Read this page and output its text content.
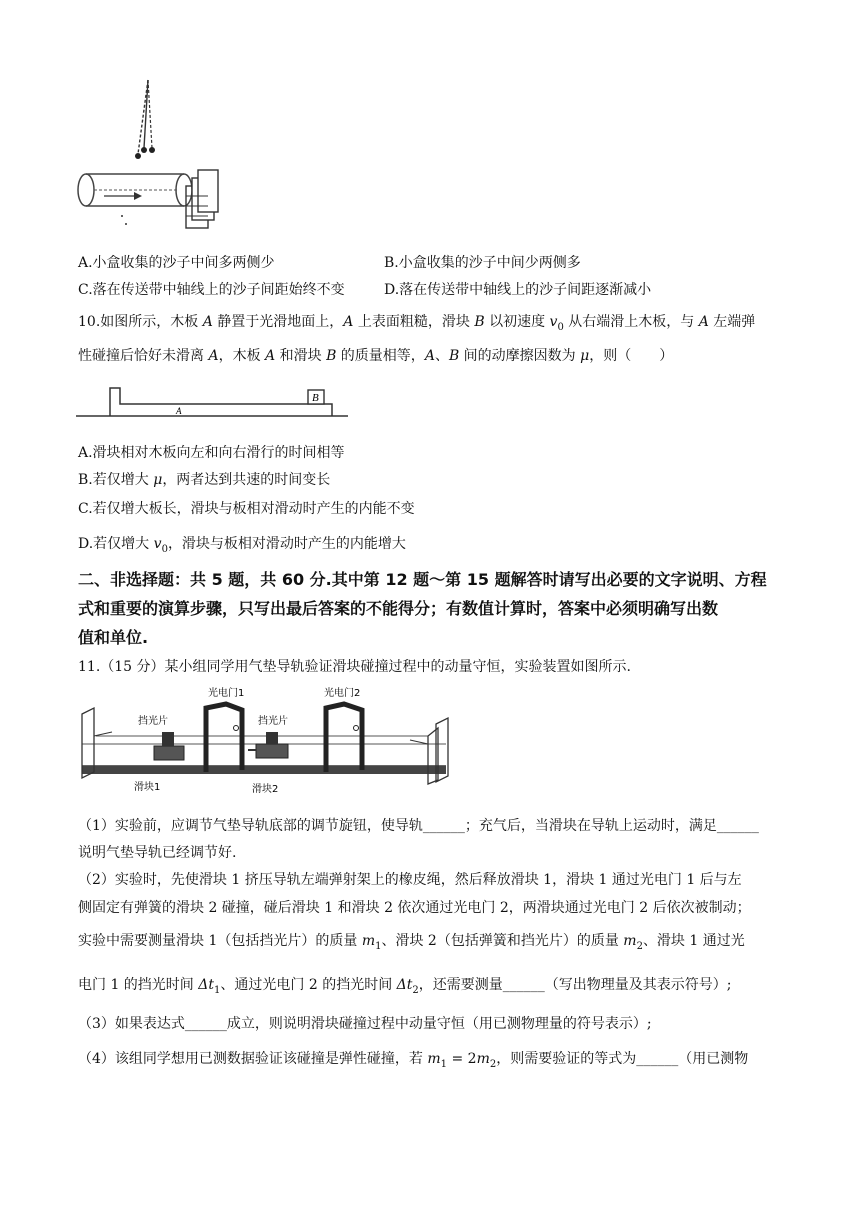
A.小盒收集的沙子中间多两侧少	B.小盒收集的沙子中间少两侧多
C.落在传送带中轴线上的沙子间距始终不变	D.落在传送带中轴线上的沙子间距逐渐减小
10.如图所示，木板 A 静置于光滑地面上，A 上表面粗糙，滑块 B 以初速度 $v_0$ 从右端滑上木板，与 A 左端弹
性碰撞后恰好未滑离 A，木板 A 和滑块 B 的质量相等，A、B 间的动摩擦因数为 μ，则（　　）
B
A
A.滑块相对木板向左和向右滑行的时间相等
B.若仅增大 μ，两者达到共速的时间变长
C.若仅增大板长，滑块与板相对滑动时产生的内能不变
D.若仅增大 $v_0$，滑块与板相对滑动时产生的内能增大
二、非选择题：共 5 题，共 60 分.其中第 12 题～第 15 题解答时请写出必要的文字说明、方程
式和重要的演算步骤，只写出最后答案的不能得分；有数值计算时，答案中必须明确写出数
值和单位.
11.（15 分）某小组同学用气垫导轨验证滑块碰撞过程中的动量守恒，实验装置如图所示.
光电门1	光电门2
挡光片	挡光片
滑块1	滑块2
（1）实验前，应调节气垫导轨底部的调节旋钮，使导轨______；充气后，当滑块在导轨上运动时，满足______
说明气垫导轨已经调节好.
（2）实验时，先使滑块 1 挤压导轨左端弹射架上的橡皮绳，然后释放滑块 1，滑块 1 通过光电门 1 后与左
侧固定有弹簧的滑块 2 碰撞，碰后滑块 1 和滑块 2 依次通过光电门 2，两滑块通过光电门 2 后依次被制动；
实验中需要测量滑块 1（包括挡光片）的质量 $m_1$、滑块 2（包括弹簧和挡光片）的质量 $m_2$、滑块 1 通过光
电门 1 的挡光时间 $\Delta t_1$、通过光电门 2 的挡光时间 $\Delta t_2$，还需要测量______（写出物理量及其表示符号）;
（3）如果表达式______成立，则说明滑块碰撞过程中动量守恒（用已测物理量的符号表示）;
（4）该组同学想用已测数据验证该碰撞是弹性碰撞，若 $m_1 = 2m_2$，则需要验证的等式为______（用已测物
